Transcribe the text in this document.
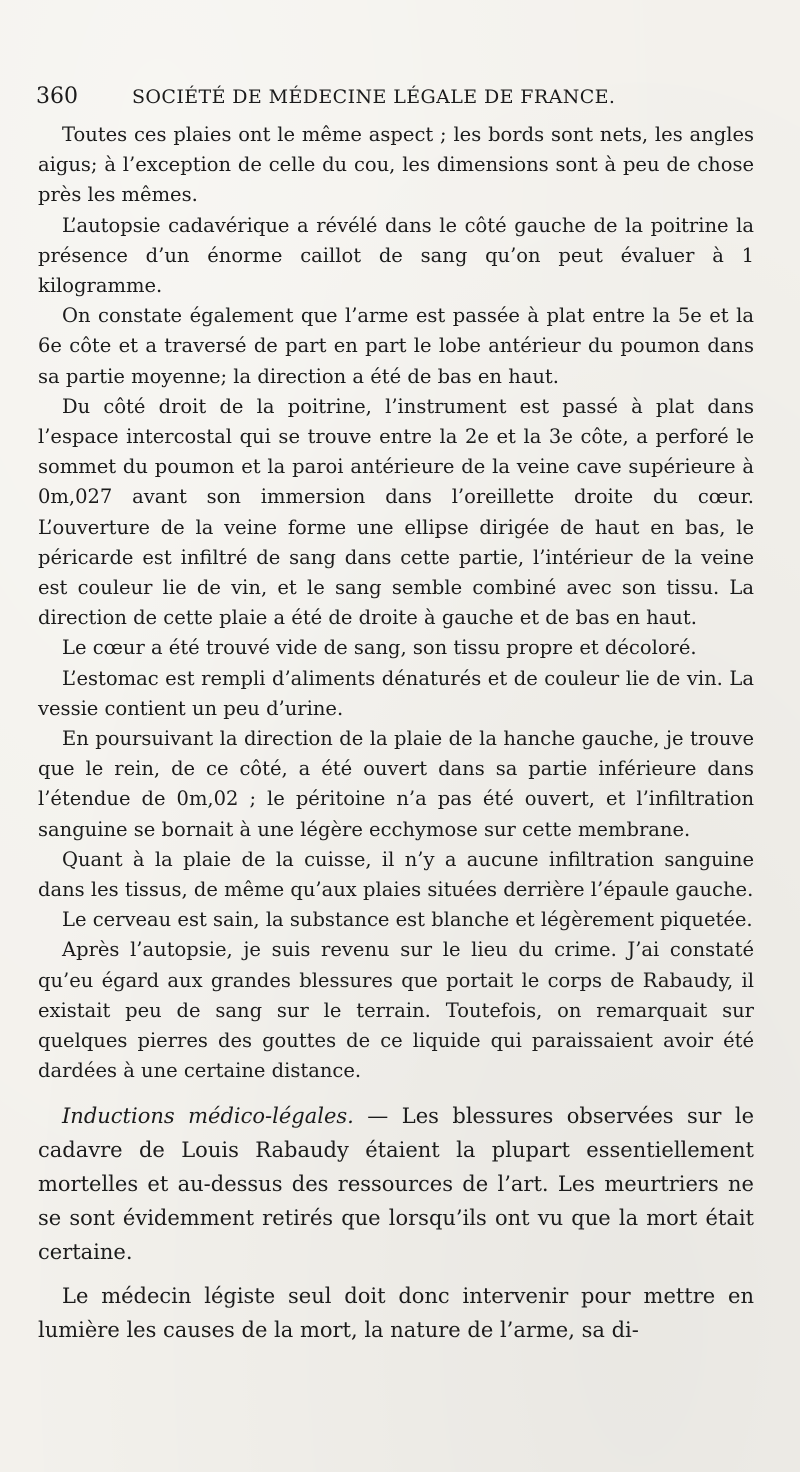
360	SOCIÉTÉ DE MÉDECINE LÉGALE DE FRANCE.

Toutes ces plaies ont le même aspect ; les bords sont nets, les angles aigus; à l’exception de celle du cou, les dimensions sont à peu de chose près les mêmes.

L’autopsie cadavérique a révélé dans le côté gauche de la poitrine la présence d’un énorme caillot de sang qu’on peut évaluer à 1 kilogramme.

On constate également que l’arme est passée à plat entre la 5e et la 6e côte et a traversé de part en part le lobe antérieur du poumon dans sa partie moyenne; la direction a été de bas en haut.

Du côté droit de la poitrine, l’instrument est passé à plat dans l’espace intercostal qui se trouve entre la 2e et la 3e côte, a perforé le sommet du poumon et la paroi antérieure de la veine cave supérieure à 0m,027 avant son immersion dans l’oreillette droite du cœur. L’ouverture de la veine forme une ellipse dirigée de haut en bas, le péricarde est infiltré de sang dans cette partie, l’intérieur de la veine est couleur lie de vin, et le sang semble combiné avec son tissu. La direction de cette plaie a été de droite à gauche et de bas en haut.

Le cœur a été trouvé vide de sang, son tissu propre et décoloré.

L’estomac est rempli d’aliments dénaturés et de couleur lie de vin. La vessie contient un peu d’urine.

En poursuivant la direction de la plaie de la hanche gauche, je trouve que le rein, de ce côté, a été ouvert dans sa partie inférieure dans l’étendue de 0m,02 ; le péritoine n’a pas été ouvert, et l’infiltration sanguine se bornait à une légère ecchymose sur cette membrane.

Quant à la plaie de la cuisse, il n’y a aucune infiltration sanguine dans les tissus, de même qu’aux plaies situées derrière l’épaule gauche.

Le cerveau est sain, la substance est blanche et légèrement piquetée.

Après l’autopsie, je suis revenu sur le lieu du crime. J’ai constaté qu’eu égard aux grandes blessures que portait le corps de Rabaudy, il existait peu de sang sur le terrain. Toutefois, on remarquait sur quelques pierres des gouttes de ce liquide qui paraissaient avoir été dardées à une certaine distance.

Inductions médico-légales. — Les blessures observées sur le cadavre de Louis Rabaudy étaient la plupart essentiellement mortelles et au-dessus des ressources de l’art. Les meurtriers ne se sont évidemment retirés que lorsqu’ils ont vu que la mort était certaine.

Le médecin légiste seul doit donc intervenir pour mettre en lumière les causes de la mort, la nature de l’arme, sa di-
